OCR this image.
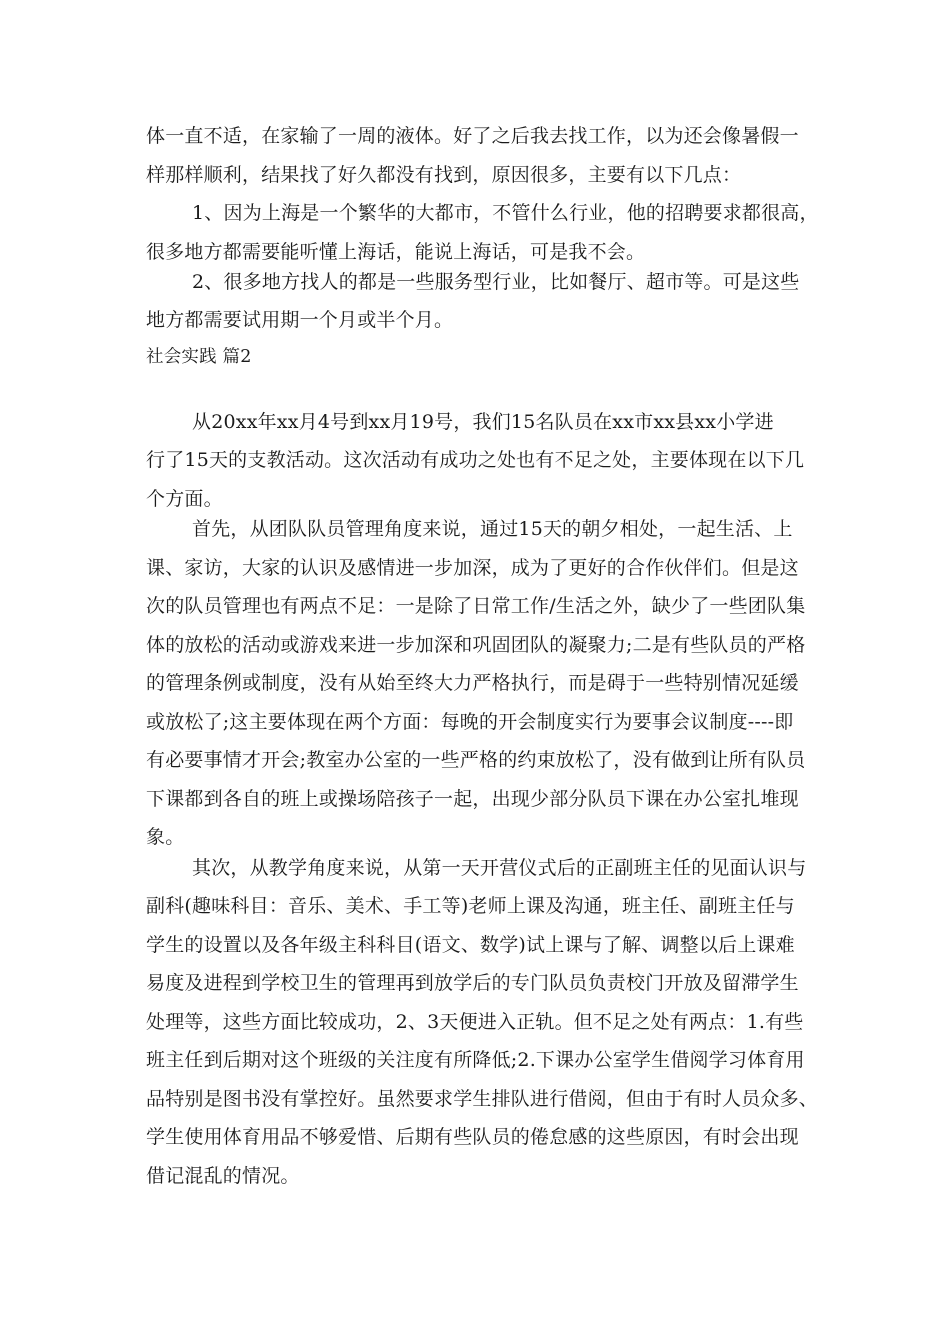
体一直不适，在家输了一周的液体。好了之后我去找工作，以为还会像暑假一
样那样顺利，结果找了好久都没有找到，原因很多，主要有以下几点：
1、因为上海是一个繁华的大都市，不管什么行业，他的招聘要求都很高，
很多地方都需要能听懂上海话，能说上海话，可是我不会。
2、很多地方找人的都是一些服务型行业，比如餐厅、超市等。可是这些
地方都需要试用期一个月或半个月。
社会实践 篇2
从20xx年xx月4号到xx月19号，我们15名队员在xx市xx县xx小学进
行了15天的支教活动。这次活动有成功之处也有不足之处，主要体现在以下几
个方面。
首先，从团队队员管理角度来说，通过15天的朝夕相处，一起生活、上
课、家访，大家的认识及感情进一步加深，成为了更好的合作伙伴们。但是这
次的队员管理也有两点不足：一是除了日常工作/生活之外，缺少了一些团队集
体的放松的活动或游戏来进一步加深和巩固团队的凝聚力;二是有些队员的严格
的管理条例或制度，没有从始至终大力严格执行，而是碍于一些特别情况延缓
或放松了;这主要体现在两个方面：每晚的开会制度实行为要事会议制度----即
有必要事情才开会;教室办公室的一些严格的约束放松了，没有做到让所有队员
下课都到各自的班上或操场陪孩子一起，出现少部分队员下课在办公室扎堆现
象。
其次，从教学角度来说，从第一天开营仪式后的正副班主任的见面认识与
副科(趣味科目：音乐、美术、手工等)老师上课及沟通，班主任、副班主任与
学生的设置以及各年级主科科目(语文、数学)试上课与了解、调整以后上课难
易度及进程到学校卫生的管理再到放学后的专门队员负责校门开放及留滞学生
处理等，这些方面比较成功，2、3天便进入正轨。但不足之处有两点：1.有些
班主任到后期对这个班级的关注度有所降低;2.下课办公室学生借阅学习体育用
品特别是图书没有掌控好。虽然要求学生排队进行借阅，但由于有时人员众多、
学生使用体育用品不够爱惜、后期有些队员的倦怠感的这些原因，有时会出现
借记混乱的情况。
